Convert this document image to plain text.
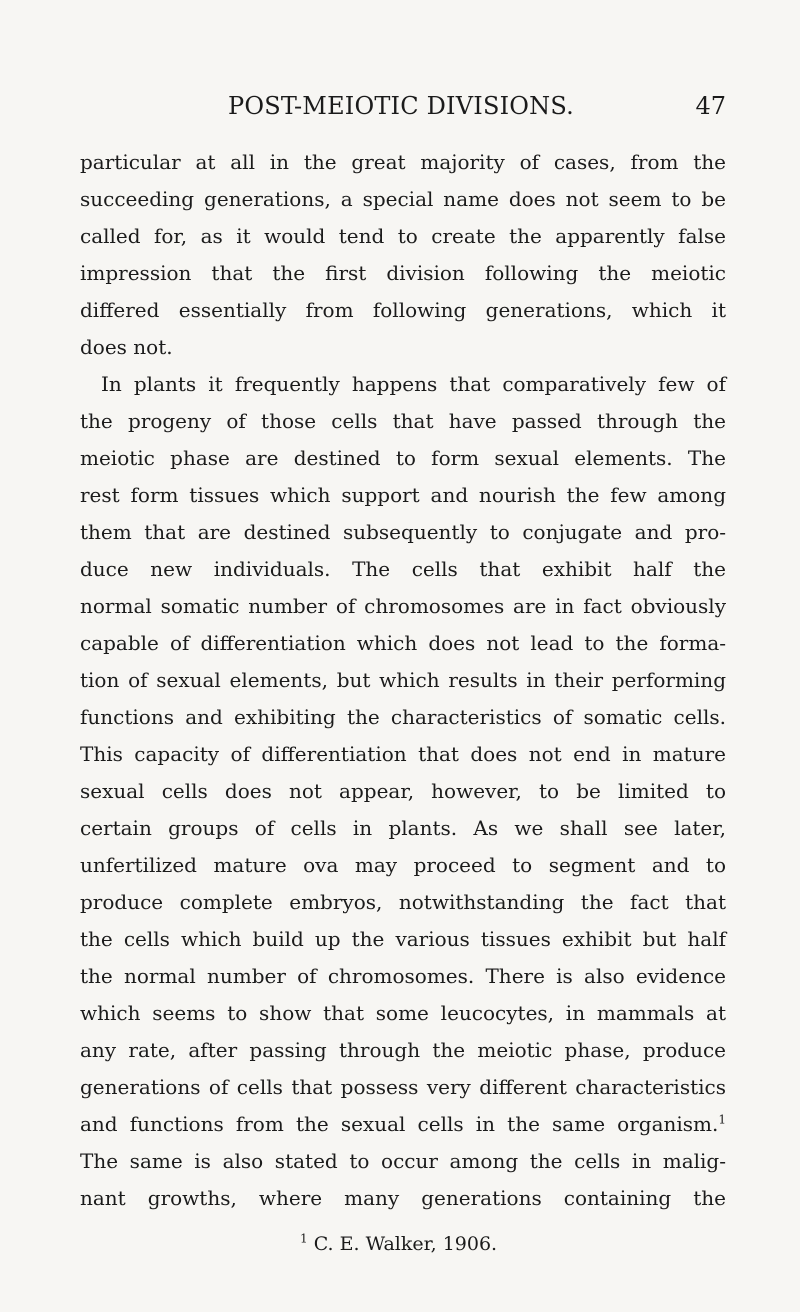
POST-MEIOTIC DIVISIONS.	47
particular at all in the great majority of cases, from the
succeeding generations, a special name does not seem to be
called for, as it would tend to create the apparently false
impression that the first division following the meiotic
differed essentially from following generations, which it
does not.
In plants it frequently happens that comparatively few of
the progeny of those cells that have passed through the
meiotic phase are destined to form sexual elements. The
rest form tissues which support and nourish the few among
them that are destined subsequently to conjugate and pro-
duce new individuals. The cells that exhibit half the
normal somatic number of chromosomes are in fact obviously
capable of differentiation which does not lead to the forma-
tion of sexual elements, but which results in their performing
functions and exhibiting the characteristics of somatic cells.
This capacity of differentiation that does not end in mature
sexual cells does not appear, however, to be limited to
certain groups of cells in plants. As we shall see later,
unfertilized mature ova may proceed to segment and to
produce complete embryos, notwithstanding the fact that
the cells which build up the various tissues exhibit but half
the normal number of chromosomes. There is also evidence
which seems to show that some leucocytes, in mammals at
any rate, after passing through the meiotic phase, produce
generations of cells that possess very different characteristics
and functions from the sexual cells in the same organism.$^1$
The same is also stated to occur among the cells in malig-
nant growths, where many generations containing the
$^1$ C. E. Walker, 1906.
